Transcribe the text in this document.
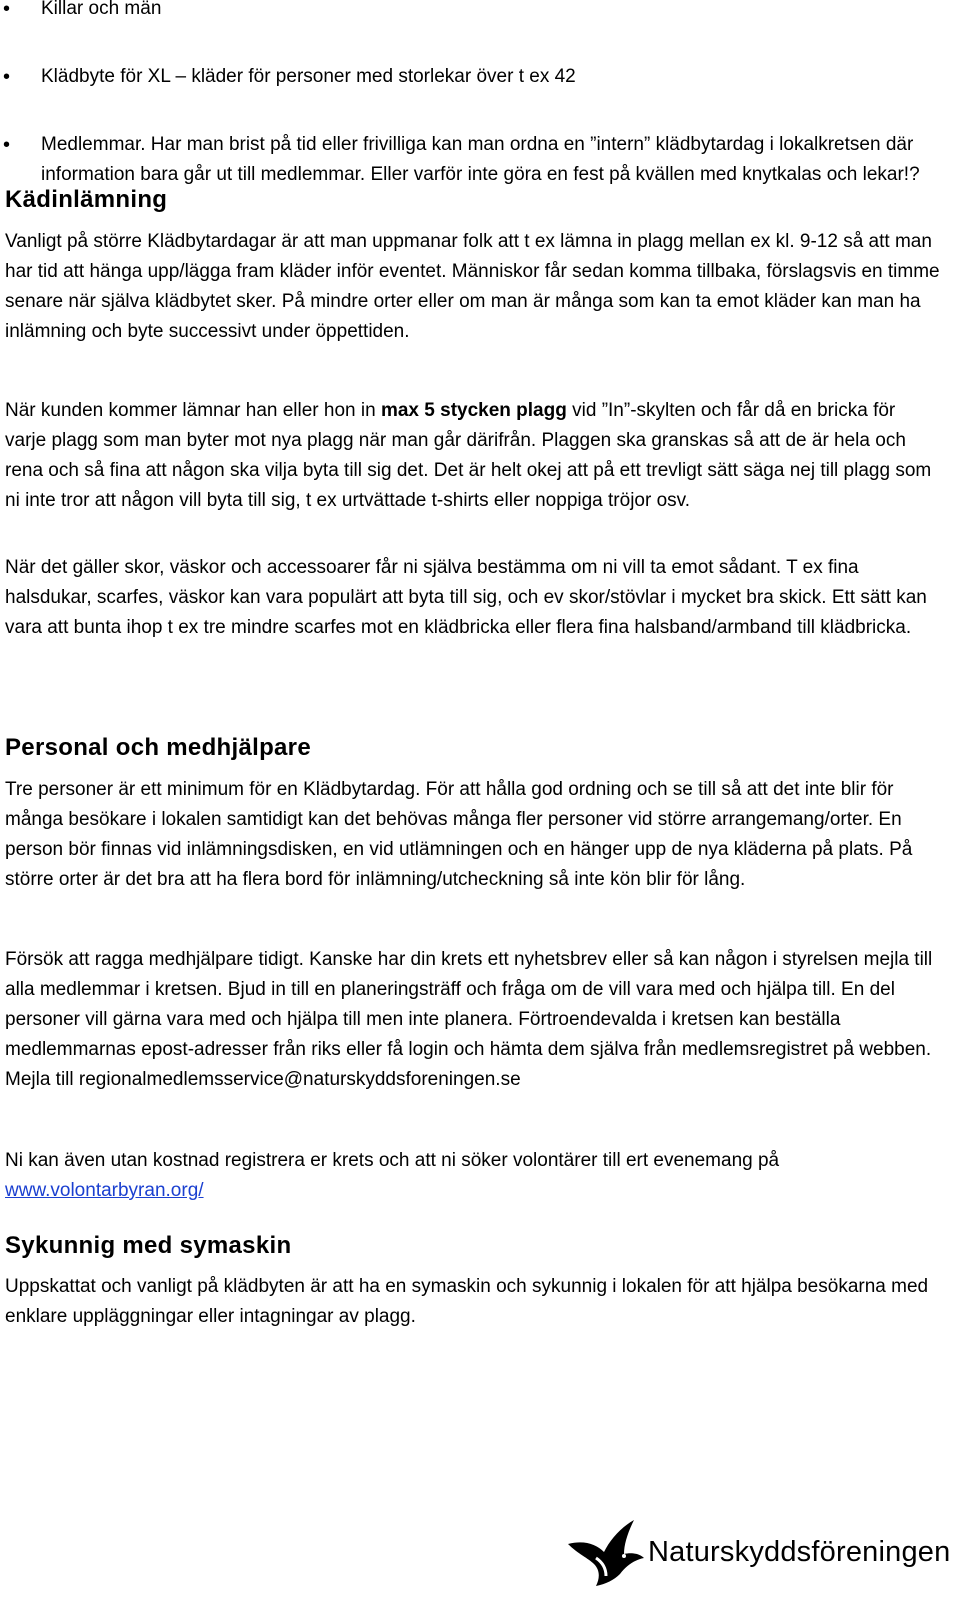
• Killar och män
• Klädbyte för XL – kläder för personer med storlekar över t ex 42
• Medlemmar. Har man brist på tid eller frivilliga kan man ordna en ”intern” klädbytardag i lokalkretsen där information bara går ut till medlemmar. Eller varför inte göra en fest på kvällen med knytkalas och lekar!?
Kädinlämning

Vanligt på större Klädbytardagar är att man uppmanar folk att t ex lämna in plagg mellan ex kl. 9-12 så att man har tid att hänga upp/lägga fram kläder inför eventet. Människor får sedan komma tillbaka, förslagsvis en timme senare när själva klädbytet sker. På mindre orter eller om man är många som kan ta emot kläder kan man ha inlämning och byte successivt under öppettiden.

När kunden kommer lämnar han eller hon in max 5 stycken plagg vid ”In”-skylten och får då en bricka för varje plagg som man byter mot nya plagg när man går därifrån. Plaggen ska granskas så att de är hela och rena och så fina att någon ska vilja byta till sig det. Det är helt okej att på ett trevligt sätt säga nej till plagg som ni inte tror att någon vill byta till sig, t ex urtvättade t-shirts eller noppiga tröjor osv.

När det gäller skor, väskor och accessoarer får ni själva bestämma om ni vill ta emot sådant. T ex fina halsdukar, scarfes, väskor kan vara populärt att byta till sig, och ev skor/stövlar i mycket bra skick. Ett sätt kan vara att bunta ihop t ex tre mindre scarfes mot en klädbricka eller flera fina halsband/armband till klädbricka.

Personal och medhjälpare

Tre personer är ett minimum för en Klädbytardag. För att hålla god ordning och se till så att det inte blir för många besökare i lokalen samtidigt kan det behövas många fler personer vid större arrangemang/orter. En person bör finnas vid inlämningsdisken, en vid utlämningen och en hänger upp de nya kläderna på plats. På större orter är det bra att ha flera bord för inlämning/utcheckning så inte kön blir för lång.

Försök att ragga medhjälpare tidigt. Kanske har din krets ett nyhetsbrev eller så kan någon i styrelsen mejla till alla medlemmar i kretsen. Bjud in till en planeringsträff och fråga om de vill vara med och hjälpa till. En del personer vill gärna vara med och hjälpa till men inte planera. Förtroendevalda i kretsen kan beställa medlemmarnas epost-adresser från riks eller få login och hämta dem själva från medlemsregistret på webben. Mejla till regionalmedlemsservice@naturskyddsforeningen.se

Ni kan även utan kostnad registrera er krets och att ni söker volontärer till ert evenemang på www.volontarbyran.org/

Sykunnig med symaskin

Uppskattat och vanligt på klädbyten är att ha en symaskin och sykunnig i lokalen för att hjälpa besökarna med enklare uppläggningar eller intagningar av plagg.

Naturskyddsföreningen
